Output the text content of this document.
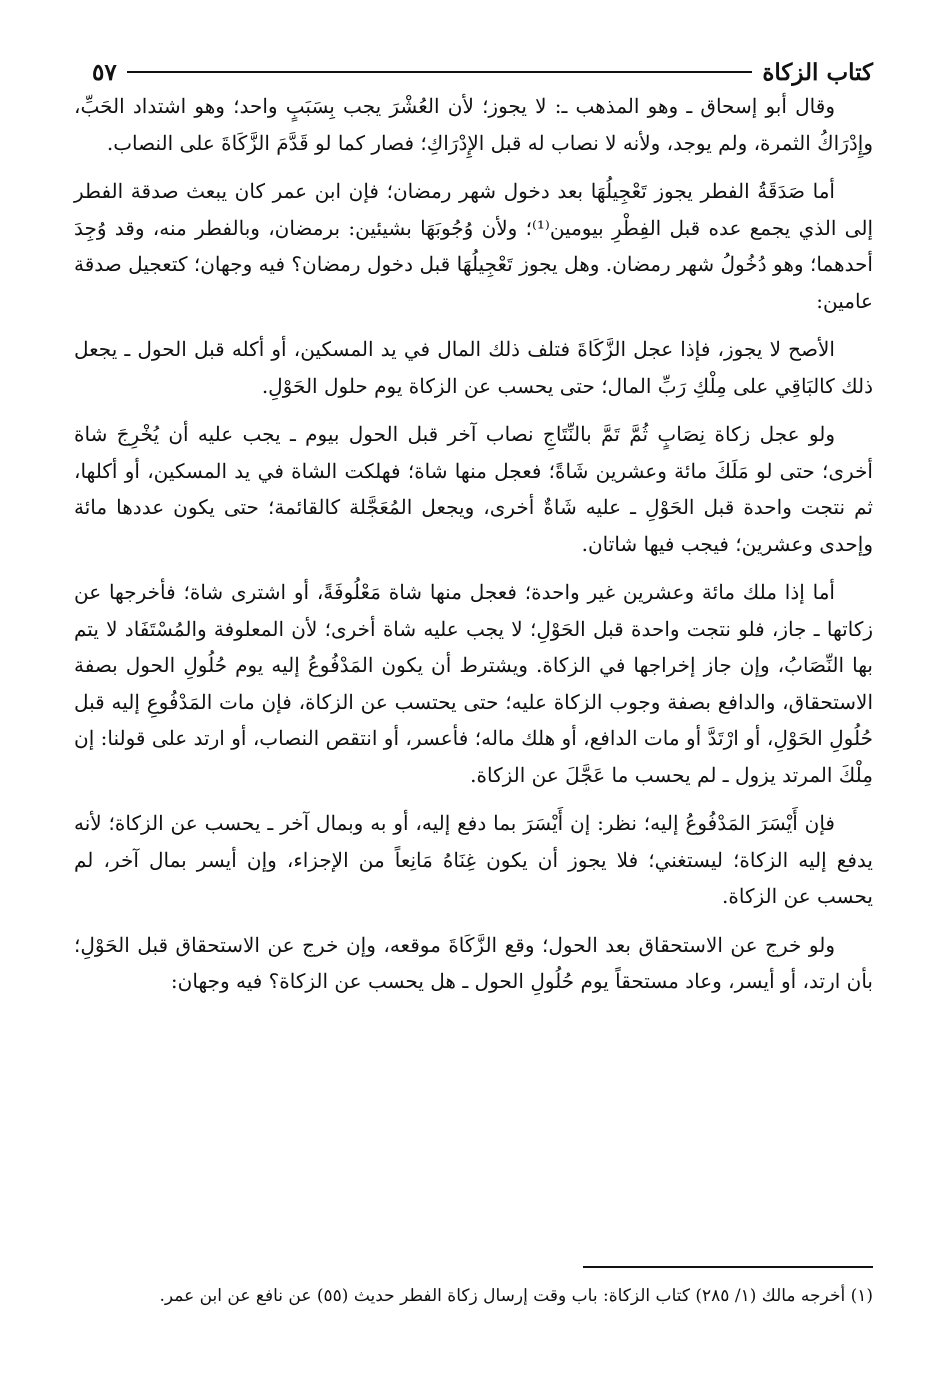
كتاب الزكاة
٥٧

وقال أبو إسحاق ـ وهو المذهب ـ: لا يجوز؛ لأن العُشْرَ يجب بِسَبَبٍ واحد؛ وهو اشتداد الحَبِّ، وإِدْرَاكُ الثمرة، ولم يوجد، ولأنه لا نصاب له قبل الإِدْرَاكِ؛ فصار كما لو قَدَّمَ الزَّكَاةَ على النصاب.

أما صَدَقَةُ الفطر يجوز تَعْجِيلُهَا بعد دخول شهر رمضان؛ فإن ابن عمر كان يبعث صدقة الفطر إلى الذي يجمع عده قبل الفِطْرِ بيومين⁽¹⁾؛ ولأن وُجُوبَهَا بشيئين: برمضان، وبالفطر منه، وقد وُجِدَ أحدهما؛ وهو دُخُولُ شهر رمضان. وهل يجوز تَعْجِيلُهَا قبل دخول رمضان؟ فيه وجهان؛ كتعجيل صدقة عامين:

الأصح لا يجوز، فإذا عجل الزَّكَاةَ فتلف ذلك المال في يد المسكين، أو أكله قبل الحول ـ يجعل ذلك كالبَاقِي على مِلْكِ رَبِّ المال؛ حتى يحسب عن الزكاة يوم حلول الحَوْلِ.

ولو عجل زكاة نِصَابٍ ثُمَّ تَمَّ بالنِّتَاجِ نصاب آخر قبل الحول بيوم ـ يجب عليه أن يُخْرِجَ شاة أخرى؛ حتى لو مَلَكَ مائة وعشرين شَاةً؛ فعجل منها شاة؛ فهلكت الشاة في يد المسكين، أو أكلها، ثم نتجت واحدة قبل الحَوْلِ ـ عليه شَاةٌ أخرى، ويجعل المُعَجَّلة كالقائمة؛ حتى يكون عددها مائة وإحدى وعشرين؛ فيجب فيها شاتان.

أما إذا ملك مائة وعشرين غير واحدة؛ فعجل منها شاة مَعْلُوفَةً، أو اشترى شاة؛ فأخرجها عن زكاتها ـ جاز، فلو نتجت واحدة قبل الحَوْلِ؛ لا يجب عليه شاة أخرى؛ لأن المعلوفة والمُسْتَفَاد لا يتم بها النِّصَابُ، وإن جاز إخراجها في الزكاة. ويشترط أن يكون المَدْفُوعُ إليه يوم حُلُولِ الحول بصفة الاستحقاق، والدافع بصفة وجوب الزكاة عليه؛ حتى يحتسب عن الزكاة، فإن مات المَدْفُوعِ إليه قبل حُلُولِ الحَوْلِ، أو ارْتَدَّ أو مات الدافع، أو هلك ماله؛ فأعسر، أو انتقص النصاب، أو ارتد على قولنا: إن مِلْكَ المرتد يزول ـ لم يحسب ما عَجَّلَ عن الزكاة.

فإن أَيْسَرَ المَدْفُوعُ إليه؛ نظر: إن أَيْسَرَ بما دفع إليه، أو به وبمال آخر ـ يحسب عن الزكاة؛ لأنه يدفع إليه الزكاة؛ ليستغني؛ فلا يجوز أن يكون غِنَاهُ مَانِعاً من الإجزاء، وإن أيسر بمال آخر، لم يحسب عن الزكاة.

ولو خرج عن الاستحقاق بعد الحول؛ وقع الزَّكَاةَ موقعه، وإن خرج عن الاستحقاق قبل الحَوْلِ؛ بأن ارتد، أو أيسر، وعاد مستحقاً يوم حُلُولِ الحول ـ هل يحسب عن الزكاة؟ فيه وجهان:

(١) أخرجه مالك (١/ ٢٨٥) كتاب الزكاة: باب وقت إرسال زكاة الفطر حديث (٥٥) عن نافع عن ابن عمر.
